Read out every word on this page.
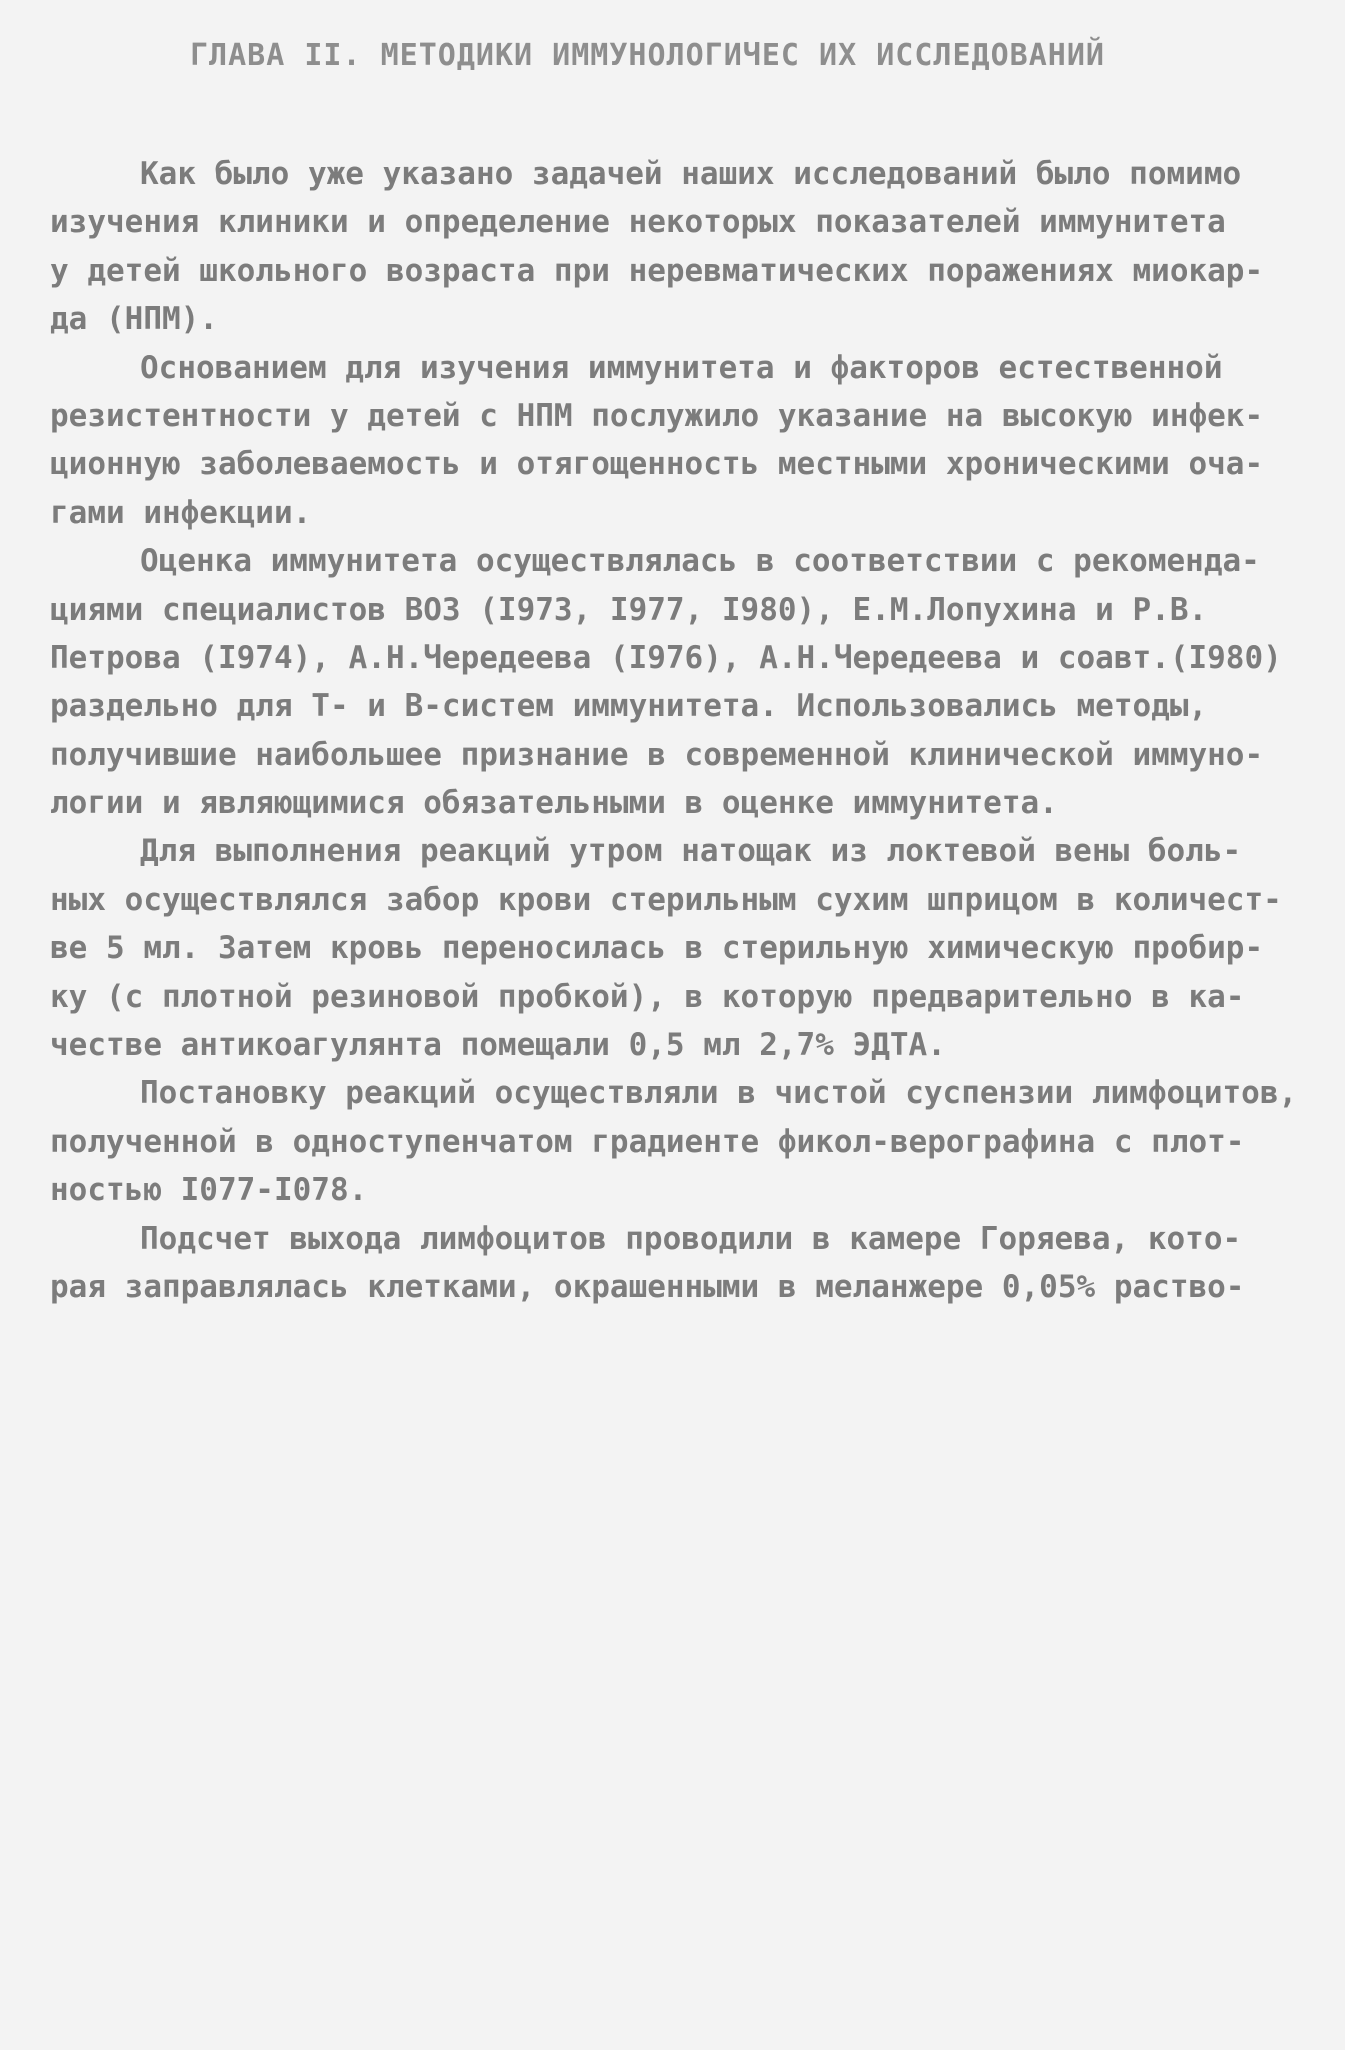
ГЛАВА II. МЕТОДИКИ ИММУНОЛОГИЧЕС ИХ ИССЛЕДОВАНИЙ
Как было уже указано задачей наших исследований было помимо
изучения клиники и определение некоторых показателей иммунитета
у детей школьного возраста при неревматических поражениях миокар-
да (НПМ).
Основанием для изучения иммунитета и факторов естественной
резистентности у детей с НПМ послужило указание на высокую инфек-
ционную заболеваемость и отягощенность местными хроническими оча-
гами инфекции.
Оценка иммунитета осуществлялась в соответствии с рекоменда-
циями специалистов ВОЗ (I973, I977, I980), Е.М.Лопухина и Р.В.
Петрова (I974), А.Н.Чередеева (I976), А.Н.Чередеева и соавт.(I980)
раздельно для Т- и В-систем иммунитета. Использовались методы,
получившие наибольшее признание в современной клинической иммуно-
логии и являющимися обязательными в оценке иммунитета.
Для выполнения реакций утром натощак из локтевой вены боль-
ных осуществлялся забор крови стерильным сухим шприцом в количест-
ве 5 мл. Затем кровь переносилась в стерильную химическую пробир-
ку (с плотной резиновой пробкой), в которую предварительно в ка-
честве антикоагулянта помещали 0,5 мл 2,7% ЭДТА.
Постановку реакций осуществляли в чистой суспензии лимфоцитов,
полученной в одноступенчатом градиенте фикол-верографина с плот-
ностью I077-I078.
Подсчет выхода лимфоцитов проводили в камере Горяева, кото-
рая заправлялась клетками, окрашенными в меланжере 0,05% раство-
